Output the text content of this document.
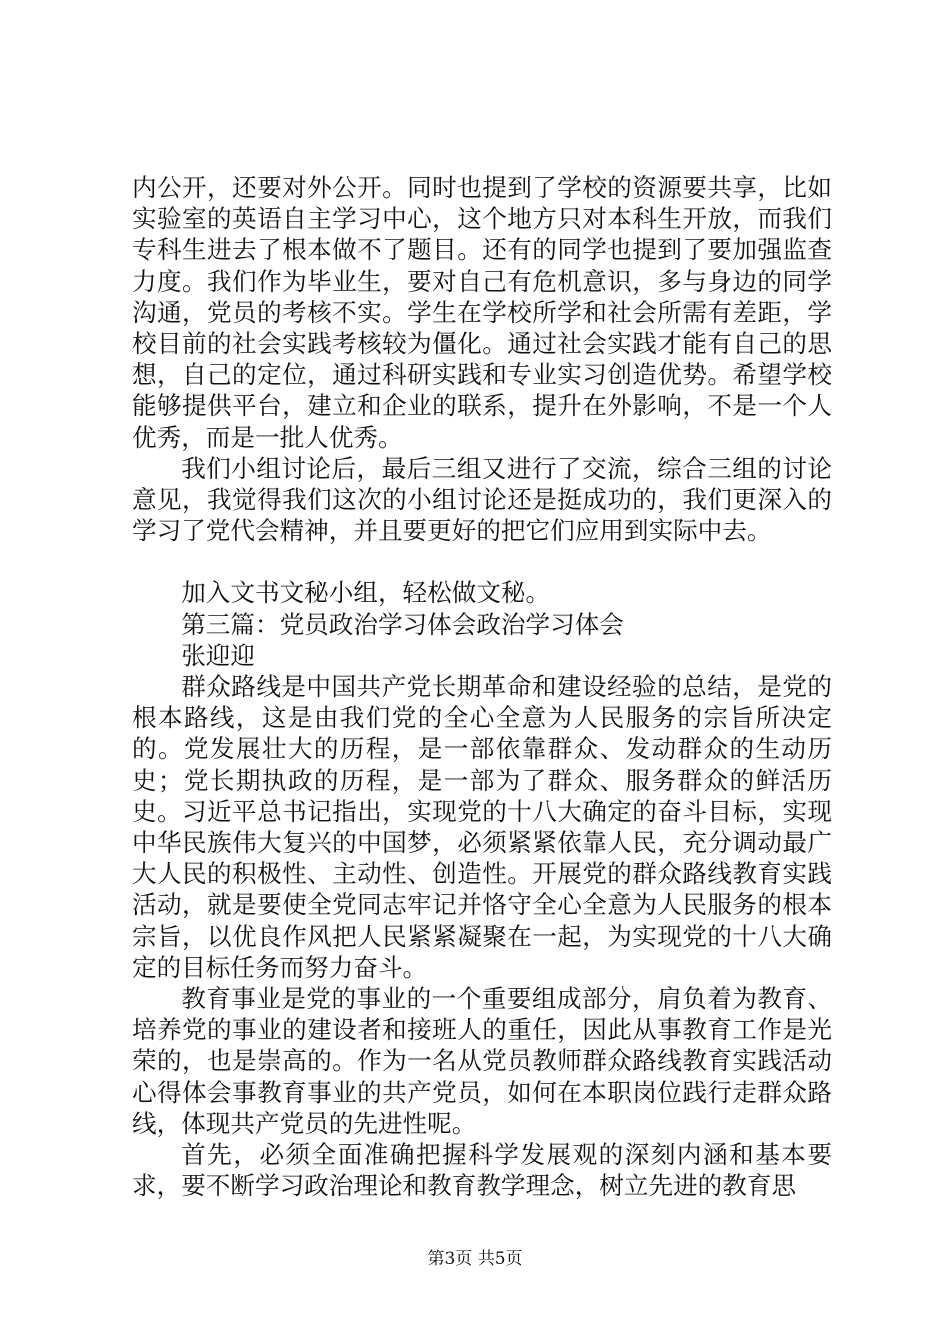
内公开，还要对外公开。同时也提到了学校的资源要共享，比如实验室的英语自主学习中心，这个地方只对本科生开放，而我们专科生进去了根本做不了题目。还有的同学也提到了要加强监查力度。我们作为毕业生，要对自己有危机意识，多与身边的同学沟通，党员的考核不实。学生在学校所学和社会所需有差距，学校目前的社会实践考核较为僵化。通过社会实践才能有自己的思想，自己的定位，通过科研实践和专业实习创造优势。希望学校能够提供平台，建立和企业的联系，提升在外影响，不是一个人优秀，而是一批人优秀。

我们小组讨论后，最后三组又进行了交流，综合三组的讨论意见，我觉得我们这次的小组讨论还是挺成功的，我们更深入的学习了党代会精神，并且要更好的把它们应用到实际中去。

加入文书文秘小组，轻松做文秘。

第三篇：党员政治学习体会政治学习体会

张迎迎

群众路线是中国共产党长期革命和建设经验的总结，是党的根本路线，这是由我们党的全心全意为人民服务的宗旨所决定的。党发展壮大的历程，是一部依靠群众、发动群众的生动历史；党长期执政的历程，是一部为了群众、服务群众的鲜活历史。习近平总书记指出，实现党的十八大确定的奋斗目标，实现中华民族伟大复兴的中国梦，必须紧紧依靠人民，充分调动最广大人民的积极性、主动性、创造性。开展党的群众路线教育实践活动，就是要使全党同志牢记并恪守全心全意为人民服务的根本宗旨，以优良作风把人民紧紧凝聚在一起，为实现党的十八大确定的目标任务而努力奋斗。

教育事业是党的事业的一个重要组成部分，肩负着为教育、培养党的事业的建设者和接班人的重任，因此从事教育工作是光荣的，也是崇高的。作为一名从党员教师群众路线教育实践活动心得体会事教育事业的共产党员，如何在本职岗位践行走群众路线，体现共产党员的先进性呢。

首先，必须全面准确把握科学发展观的深刻内涵和基本要求，要不断学习政治理论和教育教学理念，树立先进的教育思

第3页 共5页
